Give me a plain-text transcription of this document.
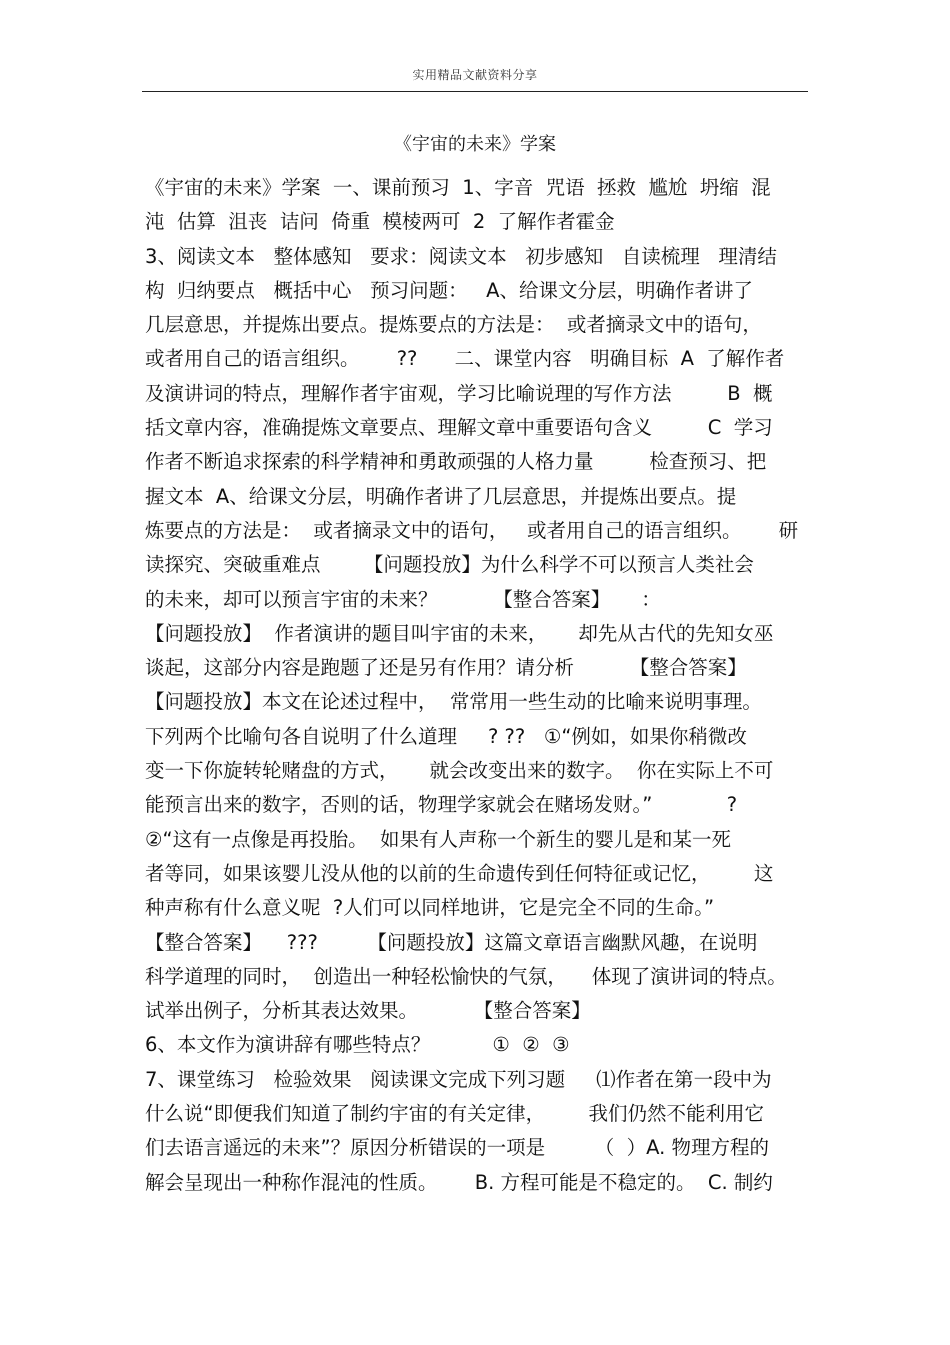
实用精品文献资料分享
《宇宙的未来》学案
《宇宙的未来》学案  一、课前预习  1、字音  咒语  拯救  尴尬  坍缩  混
沌  估算  沮丧  诘问  倚重  模棱两可  2  了解作者霍金
3、阅读文本   整体感知   要求：阅读文本   初步感知   自读梳理   理清结
构  归纳要点   概括中心   预习问题：   A、给课文分层，明确作者讲了
几层意思，并提炼出要点。提炼要点的方法是：  或者摘录文中的语句，
或者用自己的语言组织。      ??      二、课堂内容   明确目标  A  了解作者
及演讲词的特点，理解作者宇宙观，学习比喻说理的写作方法         B  概
括文章内容，准确提炼文章要点、理解文章中重要语句含义         C  学习
作者不断追求探索的科学精神和勇敢顽强的人格力量         检查预习、把
握文本  A、给课文分层，明确作者讲了几层意思，并提炼出要点。提
炼要点的方法是：  或者摘录文中的语句，   或者用自己的语言组织。      研
读探究、突破重难点       【问题投放】为什么科学不可以预言人类社会
的未来，却可以预言宇宙的未来？         【整合答案】     ：
【问题投放】  作者演讲的题目叫宇宙的未来，     却先从古代的先知女巫
谈起，这部分内容是跑题了还是另有作用？请分析         【整合答案】
【问题投放】本文在论述过程中，  常常用一些生动的比喻来说明事理。
下列两个比喻句各自说明了什么道理     ? ??   ①“例如，如果你稍微改
变一下你旋转轮赌盘的方式，     就会改变出来的数字。  你在实际上不可
能预言出来的数字，否则的话，物理学家就会在赌场发财。”            ?
②“这有一点像是再投胎。  如果有人声称一个新生的婴儿是和某一死
者等同，如果该婴儿没从他的以前的生命遗传到任何特征或记忆，       这
种声称有什么意义呢  ?人们可以同样地讲，它是完全不同的生命。”
【整合答案】    ???        【问题投放】这篇文章语言幽默风趣，在说明
科学道理的同时，  创造出一种轻松愉快的气氛，    体现了演讲词的特点。
试举出例子，分析其表达效果。         【整合答案】
6、本文作为演讲辞有哪些特点？          ①  ②  ③
7、课堂练习   检验效果   阅读课文完成下列习题     ⑴作者在第一段中为
什么说“即便我们知道了制约宇宙的有关定律，       我们仍然不能利用它
们去语言遥远的未来”？原因分析错误的一项是        （  ）A. 物理方程的
解会呈现出一种称作混沌的性质。      B. 方程可能是不稳定的。  C. 制约
